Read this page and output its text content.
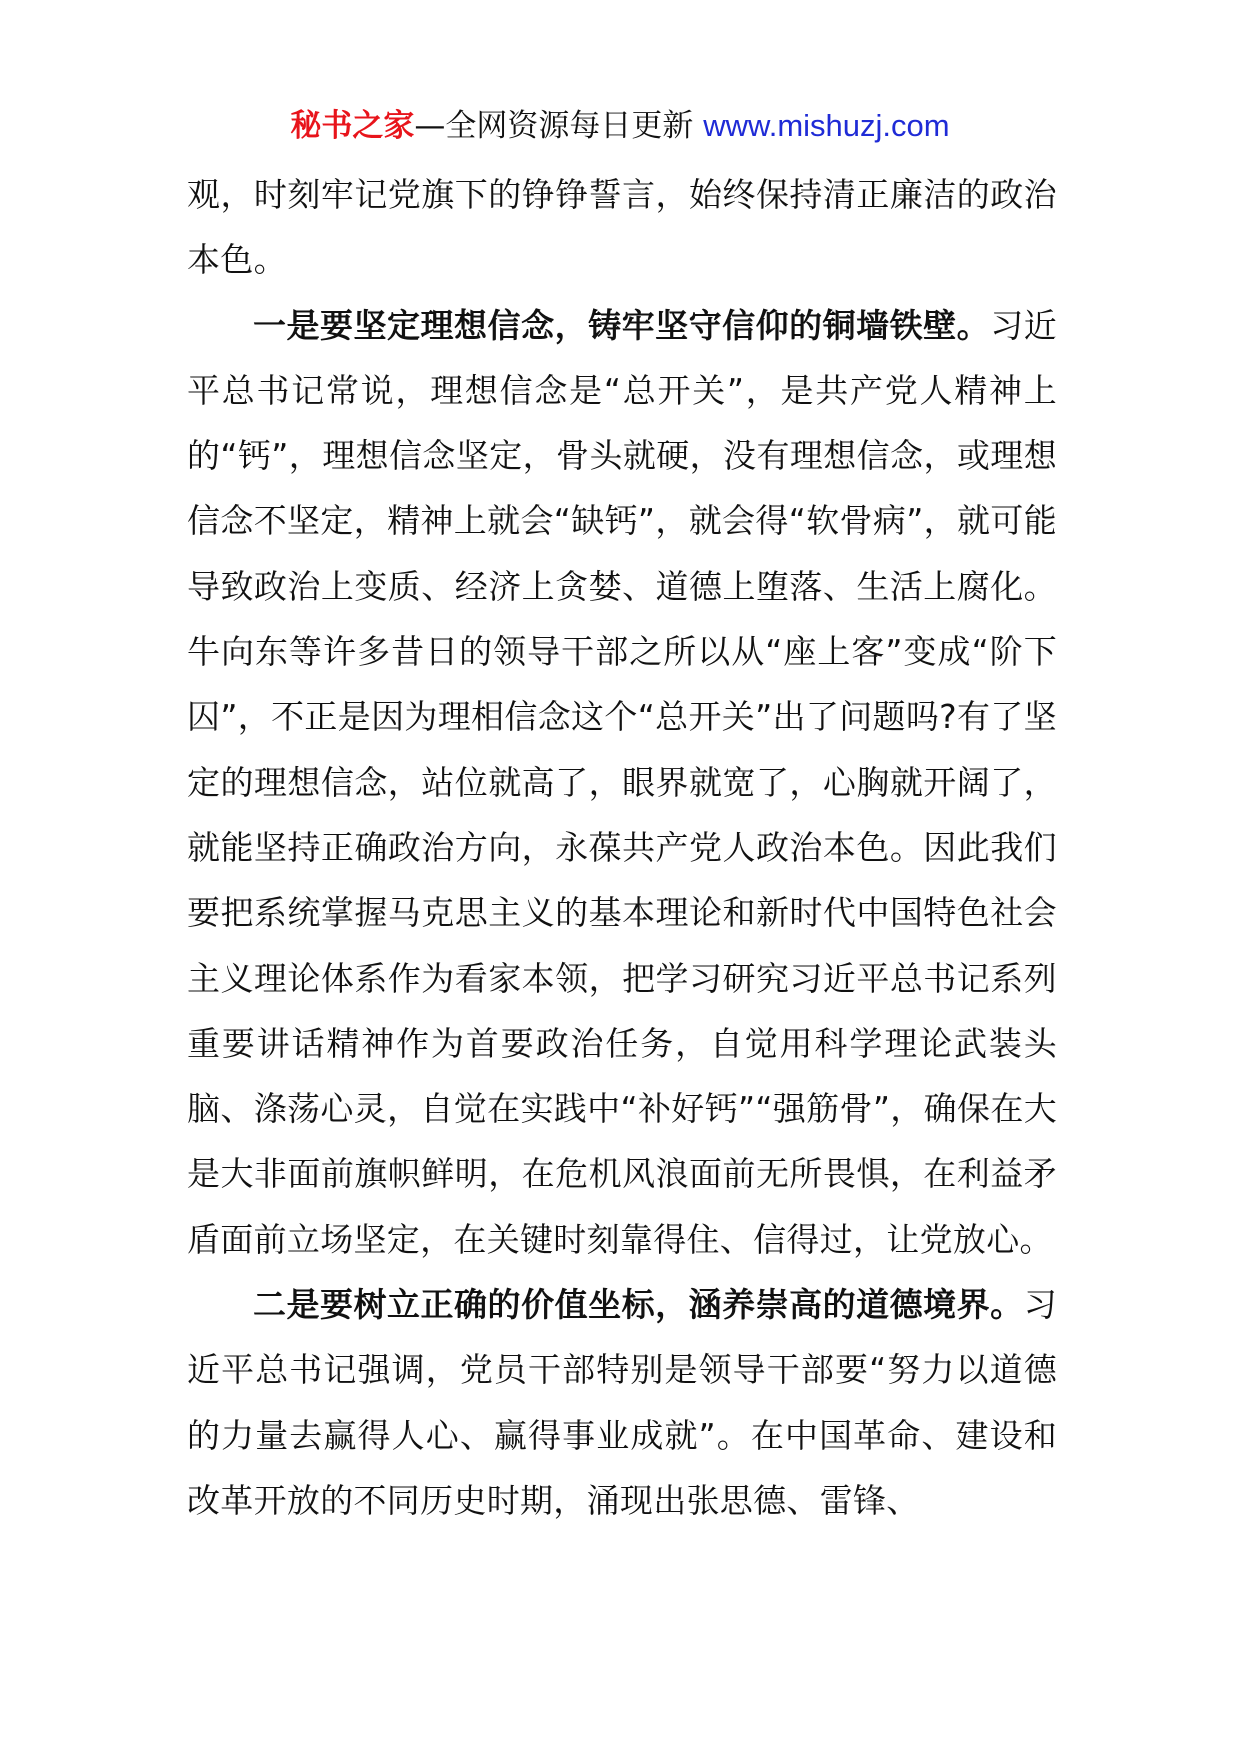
秘书之家—全网资源每日更新 www.mishuzj.com

观，时刻牢记党旗下的铮铮誓言，始终保持清正廉洁的政治本色。

一是要坚定理想信念，铸牢坚守信仰的铜墙铁壁。习近平总书记常说，理想信念是“总开关”，是共产党人精神上的“钙”，理想信念坚定，骨头就硬，没有理想信念，或理想信念不坚定，精神上就会“缺钙”，就会得“软骨病”，就可能导致政治上变质、经济上贪婪、道德上堕落、生活上腐化。牛向东等许多昔日的领导干部之所以从“座上客”变成“阶下囚”，不正是因为理相信念这个“总开关”出了问题吗?有了坚定的理想信念，站位就高了，眼界就宽了，心胸就开阔了，就能坚持正确政治方向，永葆共产党人政治本色。因此我们要把系统掌握马克思主义的基本理论和新时代中国特色社会主义理论体系作为看家本领，把学习研究习近平总书记系列重要讲话精神作为首要政治任务，自觉用科学理论武装头脑、涤荡心灵，自觉在实践中“补好钙”“强筋骨”，确保在大是大非面前旗帜鲜明，在危机风浪面前无所畏惧，在利益矛盾面前立场坚定，在关键时刻靠得住、信得过，让党放心。

二是要树立正确的价值坐标，涵养崇高的道德境界。习近平总书记强调，党员干部特别是领导干部要“努力以道德的力量去赢得人心、赢得事业成就”。在中国革命、建设和改革开放的不同历史时期，涌现出张思德、雷锋、
